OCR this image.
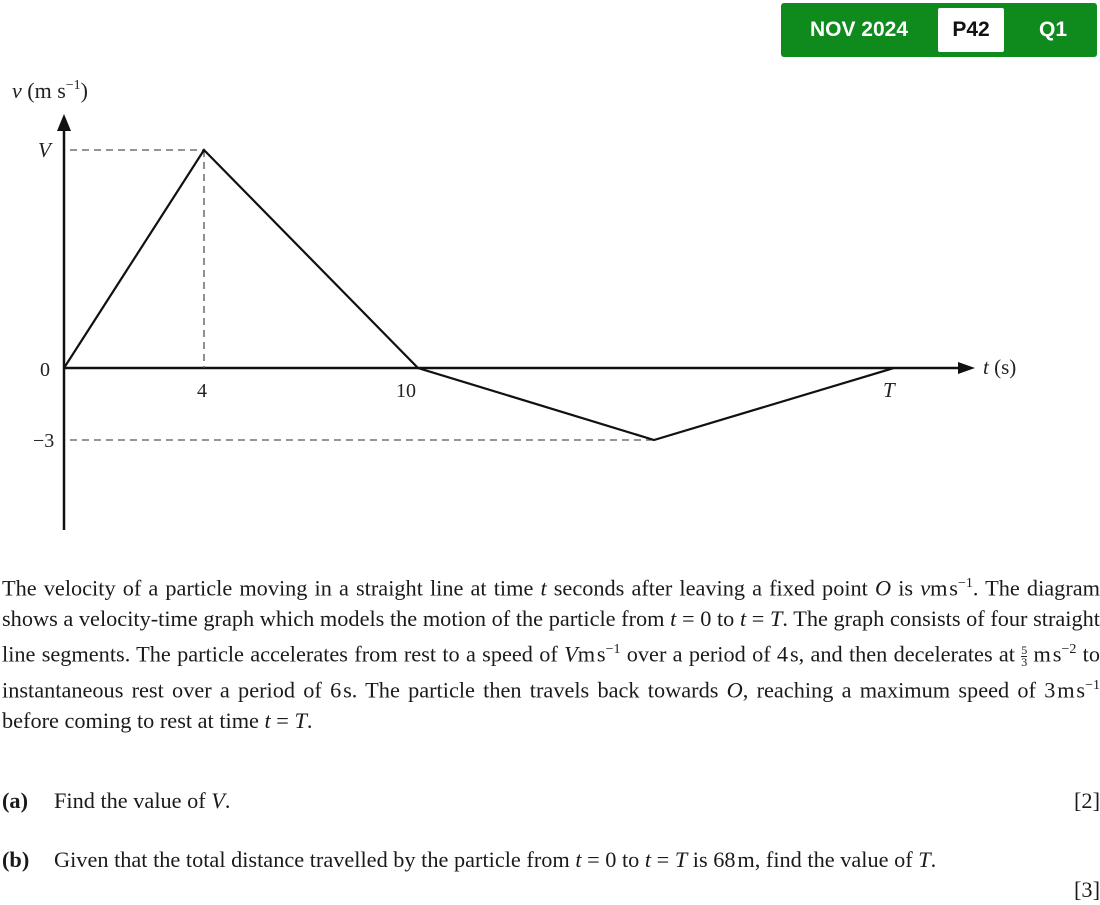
NOV 2024	P42	Q1
v (m $s^{-1}$)
t (s)
V
0
−3
4	10	T

The velocity of a particle moving in a straight line at time t seconds after leaving a fixed point O is vm $s^{-1}$. The diagram shows a velocity-time graph which models the motion of the particle from t = 0 to t = T. The graph consists of four straight line segments. The particle accelerates from rest to a speed of Vm $s^{-1}$ over a period of 4 s, and then decelerates at $\frac{5}{3}$ m $s^{-2}$ to instantaneous rest over a period of 6 s. The particle then travels back towards O, reaching a maximum speed of 3 m $s^{-1}$ before coming to rest at time t = T.

(a) Find the value of V.	[2]
(b) Given that the total distance travelled by the particle from t = 0 to t = T is 68 m, find the value of T.
[3]
